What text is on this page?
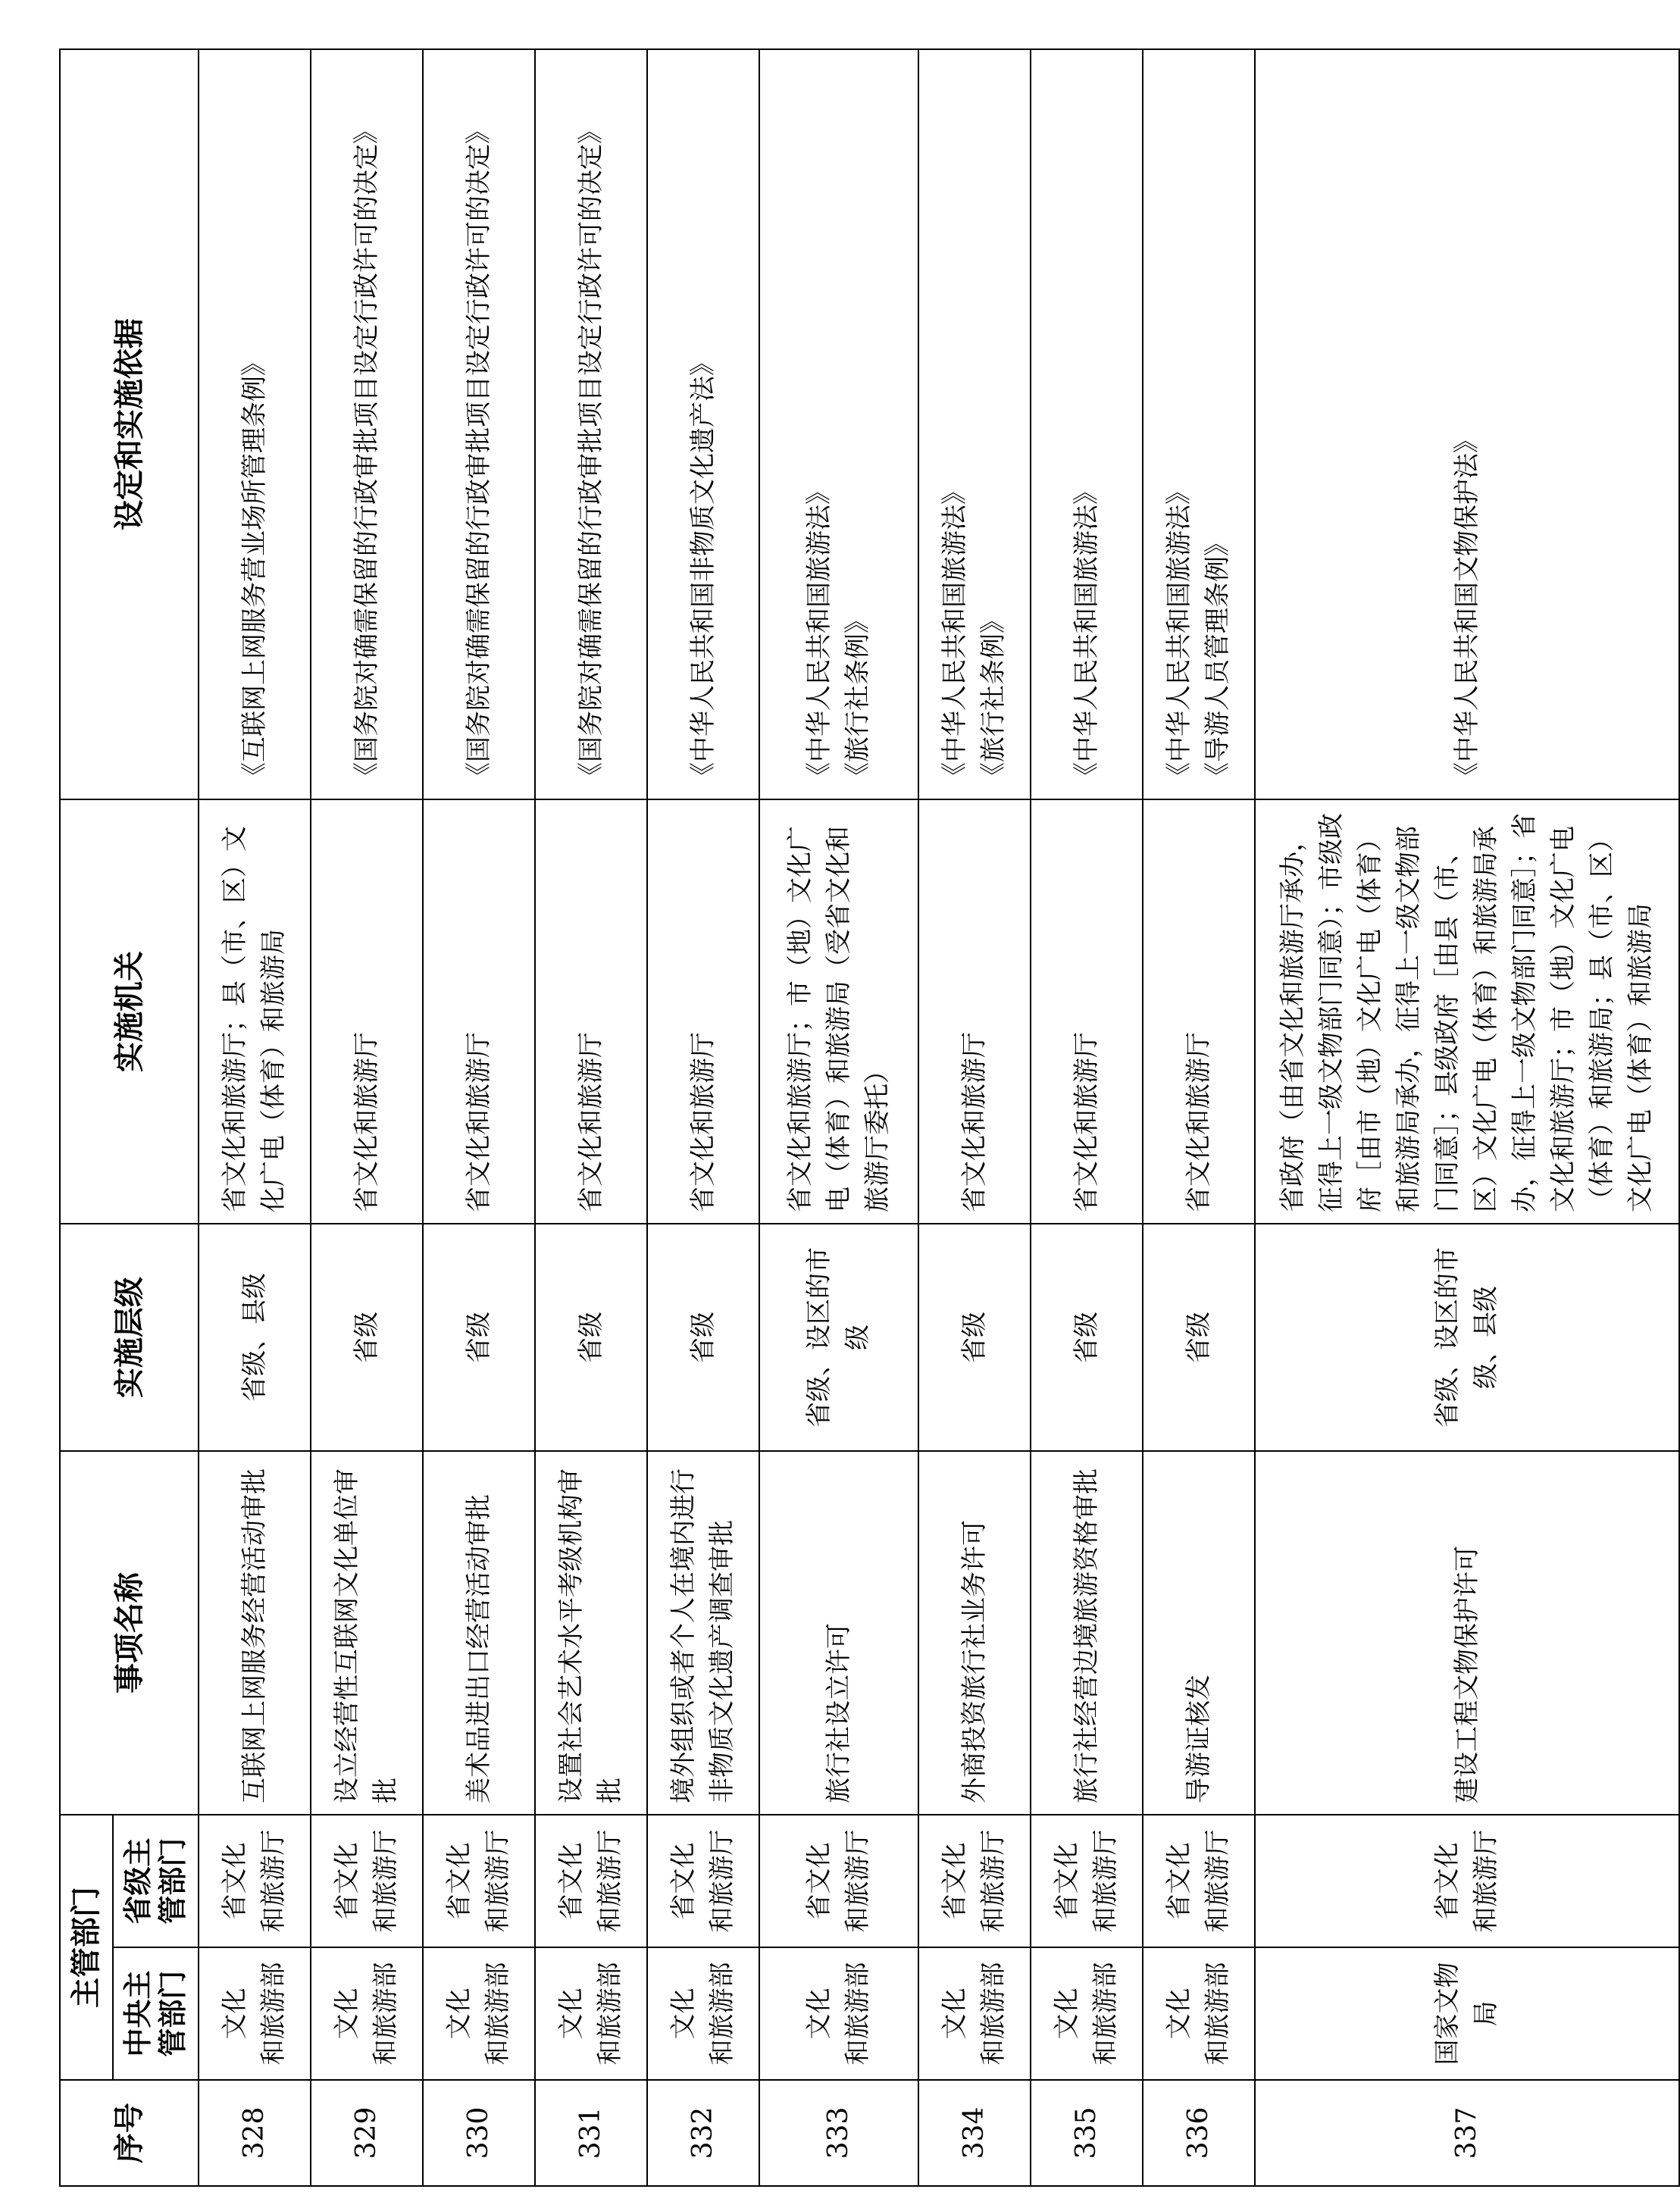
序号	主管部门		事项名称	实施层级	实施机关	设定和实施依据
	中央主管部门	省级主管部门				
328	文化
和旅游部	省文化
和旅游厅	互联网上网服务经营活动审批	省级、县级	省文化和旅游厅；县（市、区）文化广电（体育）和旅游局	《互联网上网服务营业场所管理条例》
329	文化
和旅游部	省文化
和旅游厅	设立经营性互联网文化单位审批	省级	省文化和旅游厅	《国务院对确需保留的行政审批项目设定行政许可的决定》
330	文化
和旅游部	省文化
和旅游厅	美术品进出口经营活动审批	省级	省文化和旅游厅	《国务院对确需保留的行政审批项目设定行政许可的决定》
331	文化
和旅游部	省文化
和旅游厅	设置社会艺术水平考级机构审批	省级	省文化和旅游厅	《国务院对确需保留的行政审批项目设定行政许可的决定》
332	文化
和旅游部	省文化
和旅游厅	境外组织或者个人在境内进行非物质文化遗产调查审批	省级	省文化和旅游厅	《中华人民共和国非物质文化遗产法》
333	文化
和旅游部	省文化
和旅游厅	旅行社设立许可	省级、设区的市级	省文化和旅游厅；市（地）文化广电（体育）和旅游局（受省文化和旅游厅委托）	《中华人民共和国旅游法》
《旅行社条例》
334	文化
和旅游部	省文化
和旅游厅	外商投资旅行社业务许可	省级	省文化和旅游厅	《中华人民共和国旅游法》
《旅行社条例》
335	文化
和旅游部	省文化
和旅游厅	旅行社经营边境旅游资格审批	省级	省文化和旅游厅	《中华人民共和国旅游法》
336	文化
和旅游部	省文化
和旅游厅	导游证核发	省级	省文化和旅游厅	《中华人民共和国旅游法》
《导游人员管理条例》
337	国家文物局	省文化
和旅游厅	建设工程文物保护许可	省级、设区的市级、县级	省政府（由省文化和旅游厅承办，征得上一级文物部门同意）；市级政府［由市（地）文化广电（体育）和旅游局承办，征得上一级文物部门同意］；县级政府［由县（市、区）文化广电（体育）和旅游局承办，征得上一级文物部门同意］；省文化和旅游厅；市（地）文化广电（体育）和旅游局；县（市、区）文化广电（体育）和旅游局	《中华人民共和国文物保护法》
